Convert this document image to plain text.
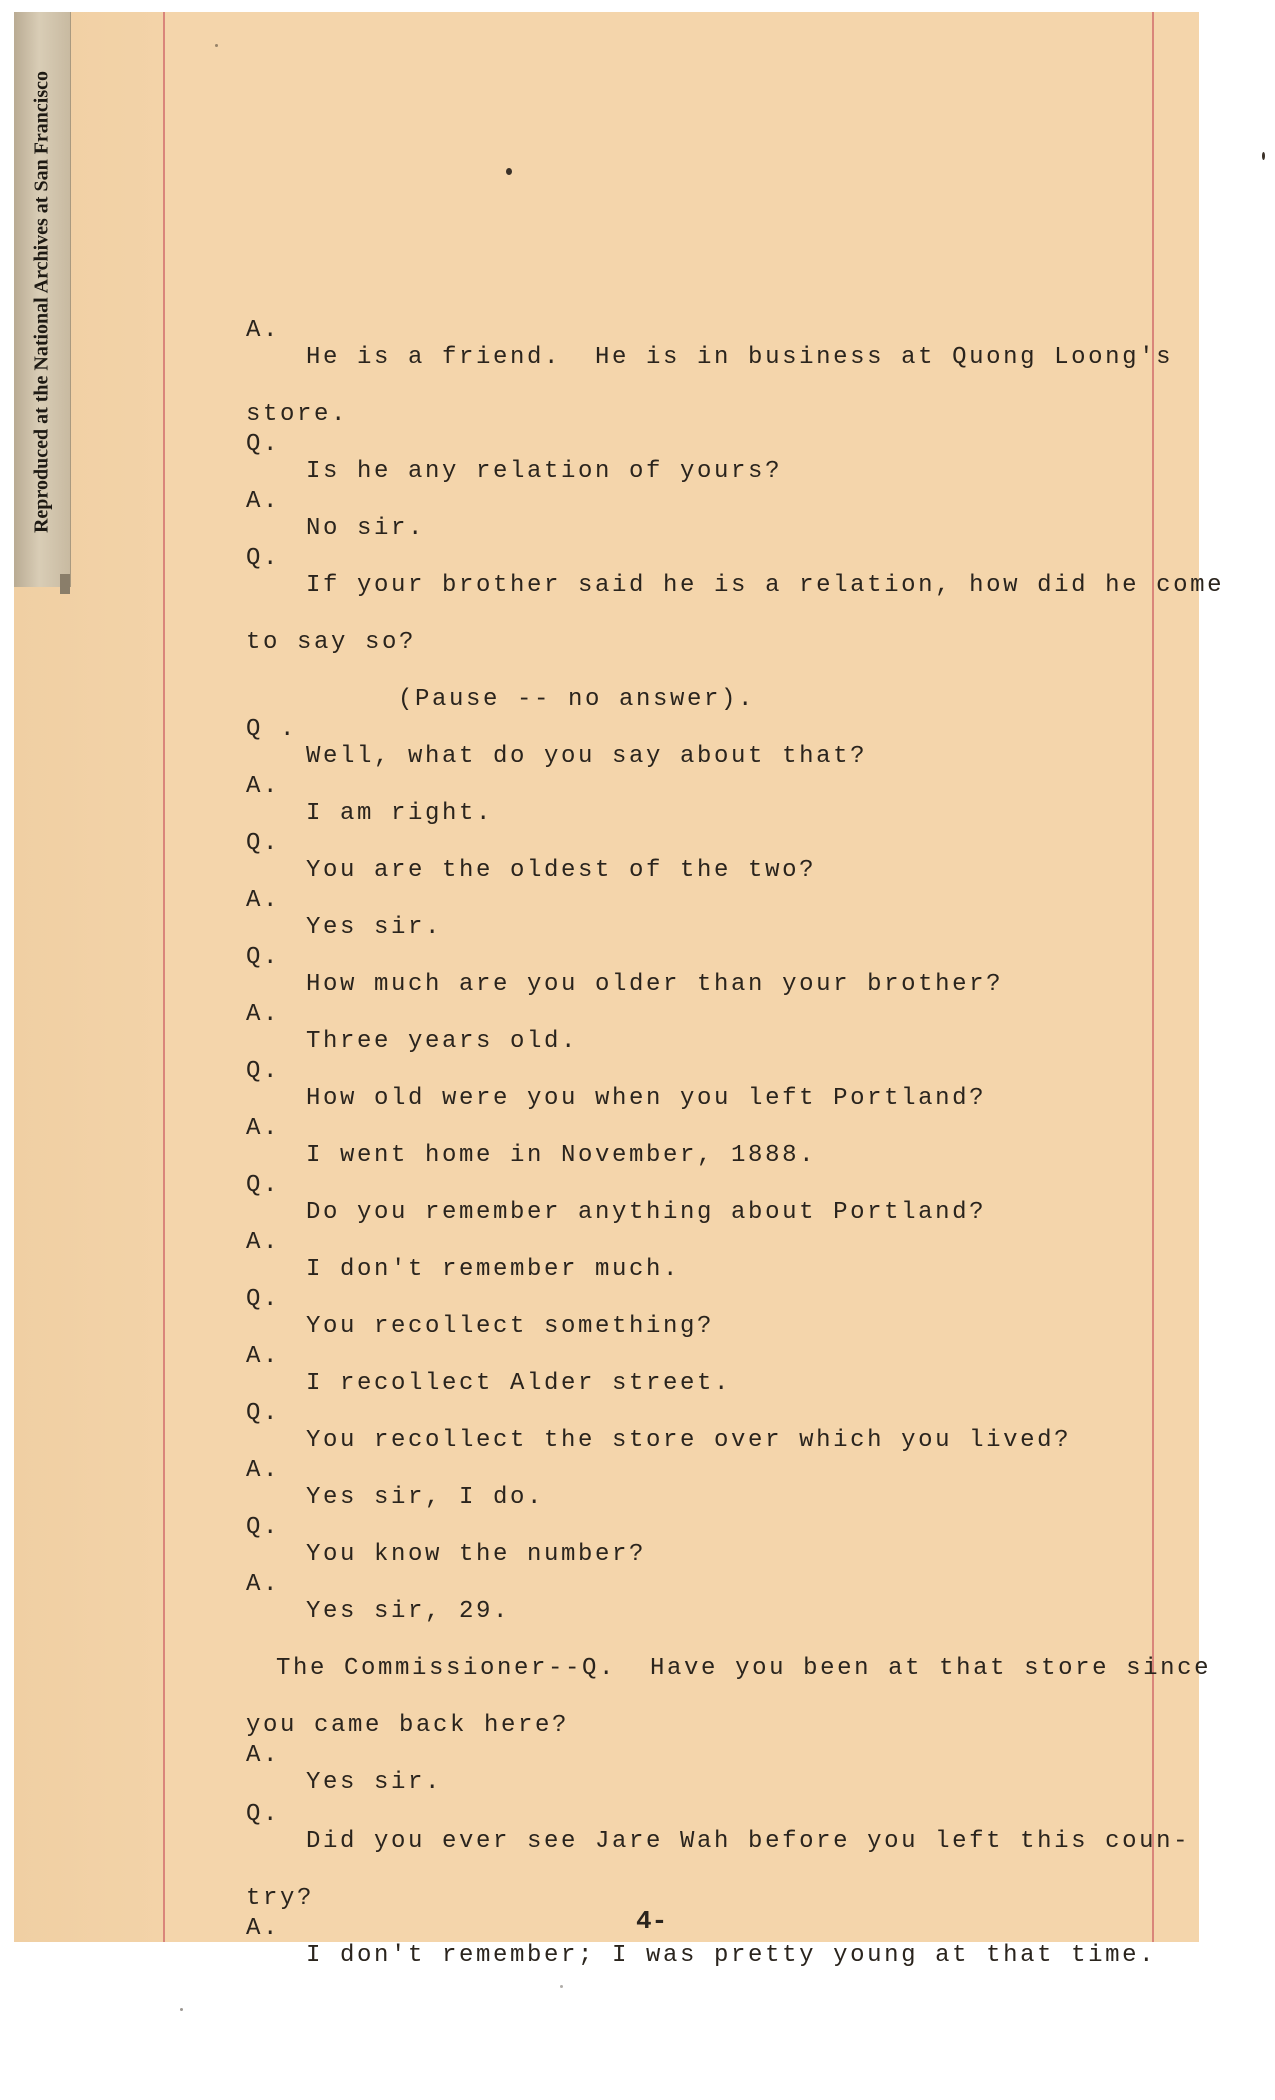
Reproduced at the National Archives at San Francisco

	A.

He is a friend.  He is in business at Quong Loong's

store.

Q.

Is he any relation of yours?

A.

No sir.

Q.

If your brother said he is a relation, how did he come

to say so?

(Pause -- no answer).

Q .

Well, what do you say about that?

A.

I am right.

Q.

You are the oldest of the two?

A.

Yes sir.

Q.

How much are you older than your brother?

A.

Three years old.

Q.

How old were you when you left Portland?

A.

I went home in November, 1888.

Q.

Do you remember anything about Portland?

A.

I don't remember much.

Q.

You recollect something?

A.

I recollect Alder street.

Q.

You recollect the store over which you lived?

A.

Yes sir, I do.

Q.

You know the number?

A.

Yes sir, 29.

The Commissioner--Q.  Have you been at that store since

you came back here?

A.

Yes sir.

Q.

Did you ever see Jare Wah before you left this coun-

try?

A.

I don't remember; I was pretty young at that time.

4-
